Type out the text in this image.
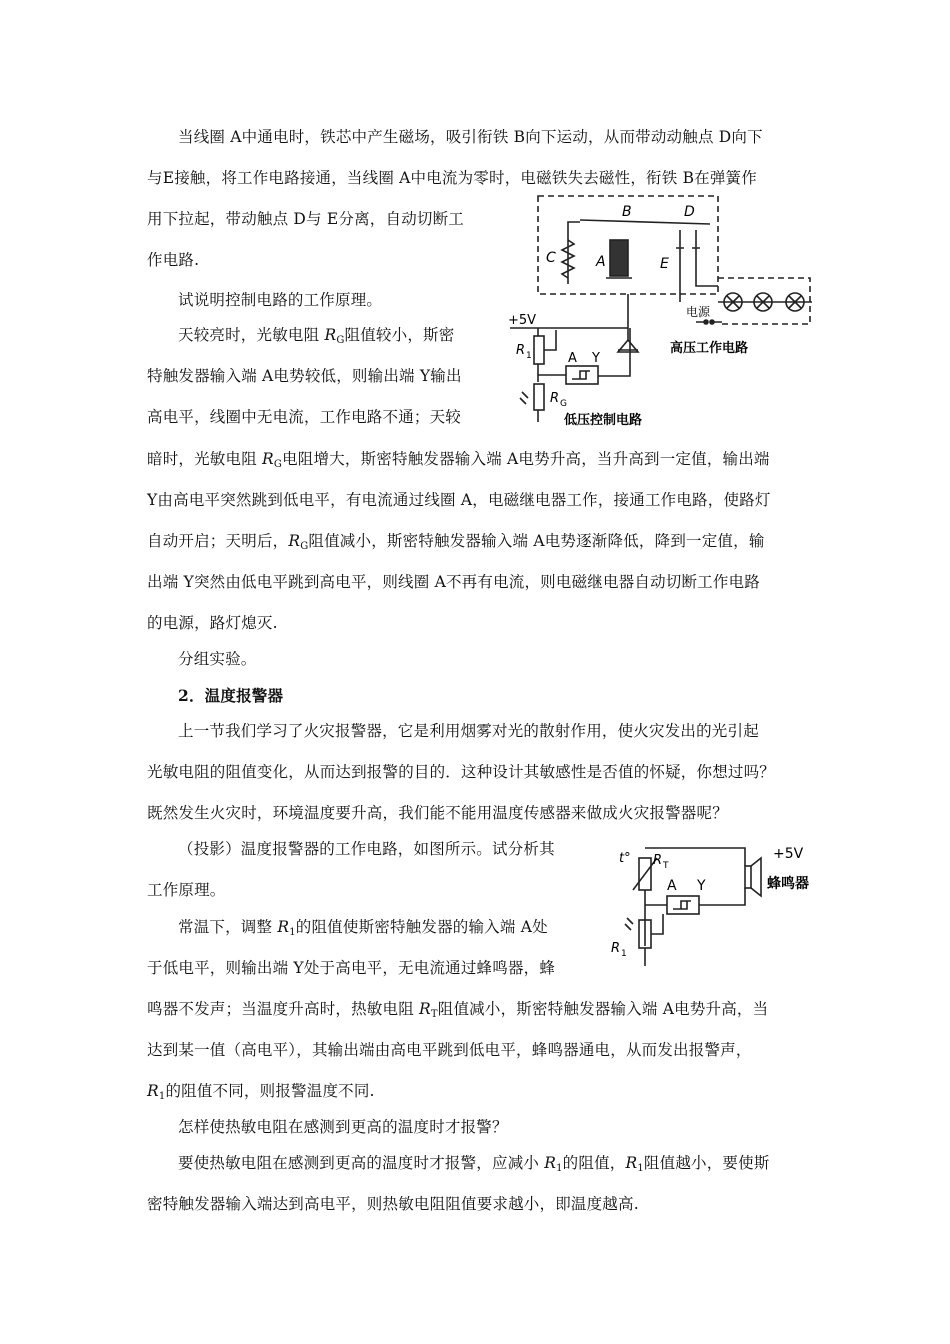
当线圈 A中通电时，铁芯中产生磁场，吸引衔铁 B向下运动，从而带动动触点 D向下
与E接触，将工作电路接通，当线圈 A中电流为零时，电磁铁失去磁性，衔铁 B在弹簧作
用下拉起，带动触点 D与 E分离，自动切断工
作电路.
试说明控制电路的工作原理。
天较亮时，光敏电阻 $R_G$阻值较小，斯密
特触发器输入端 A电势较低，则输出端 Y输出
高电平，线圈中无电流，工作电路不通；天较
暗时，光敏电阻 $R_G$电阻增大，斯密特触发器输入端 A电势升高，当升高到一定值，输出端
Y由高电平突然跳到低电平，有电流通过线圈 A，电磁继电器工作，接通工作电路，使路灯
自动开启；天明后，$R_G$阻值减小，斯密特触发器输入端 A电势逐渐降低，降到一定值，输
出端 Y突然由低电平跳到高电平，则线圈 A不再有电流，则电磁继电器自动切断工作电路
的电源，路灯熄灭.
分组实验。
2．温度报警器
上一节我们学习了火灾报警器，它是利用烟雾对光的散射作用，使火灾发出的光引起
光敏电阻的阻值变化，从而达到报警的目的．这种设计其敏感性是否值的怀疑，你想过吗？
既然发生火灾时，环境温度要升高，我们能不能用温度传感器来做成火灾报警器呢？
（投影）温度报警器的工作电路，如图所示。试分析其
工作原理。
常温下，调整 $R_1$的阻值使斯密特触发器的输入端 A处
于低电平，则输出端 Y处于高电平，无电流通过蜂鸣器，蜂
鸣器不发声；当温度升高时，热敏电阻 $R_T$阻值减小，斯密特触发器输入端 A电势升高，当
达到某一值（高电平），其输出端由高电平跳到低电平，蜂鸣器通电，从而发出报警声，
$R_1$的阻值不同，则报警温度不同.
怎样使热敏电阻在感测到更高的温度时才报警？
要使热敏电阻在感测到更高的温度时才报警，应减小 $R_1$的阻值，$R_1$阻值越小，要使斯
密特触发器输入端达到高电平，则热敏电阻阻值要求越小，即温度越高.
B	D
C	A	E
+5V
R 1	A Y
R G
电源
高压工作电路
低压控制电路
t° R T
+5V
A Y	蜂鸣器
R 1
